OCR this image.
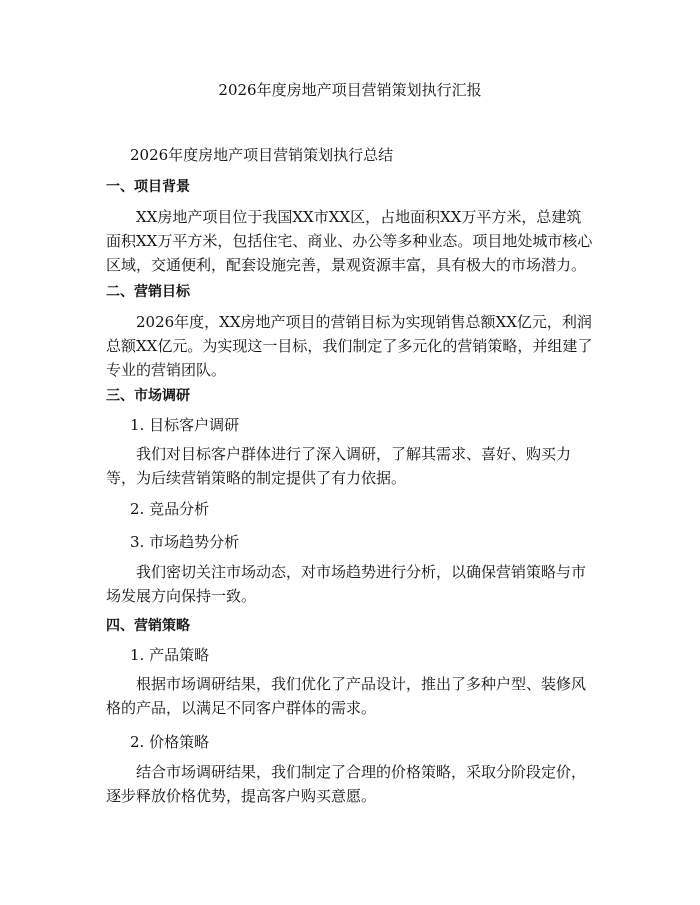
2026年度房地产项目营销策划执行汇报
2026年度房地产项目营销策划执行总结
一、项目背景

XX房地产项目位于我国XX市XX区，占地面积XX万平方米，总建筑面积XX万平方米，包括住宅、商业、办公等多种业态。项目地处城市核心区域，交通便利，配套设施完善，景观资源丰富，具有极大的市场潜力。

二、营销目标

2026年度，XX房地产项目的营销目标为实现销售总额XX亿元，利润总额XX亿元。为实现这一目标，我们制定了多元化的营销策略，并组建了专业的营销团队。

三、市场调研
1. 目标客户调研

我们对目标客户群体进行了深入调研，了解其需求、喜好、购买力等，为后续营销策略的制定提供了有力依据。

2. 竞品分析
3. 市场趋势分析

我们密切关注市场动态，对市场趋势进行分析，以确保营销策略与市场发展方向保持一致。

四、营销策略
1. 产品策略

根据市场调研结果，我们优化了产品设计，推出了多种户型、装修风格的产品，以满足不同客户群体的需求。

2. 价格策略

结合市场调研结果，我们制定了合理的价格策略，采取分阶段定价，逐步释放价格优势，提高客户购买意愿。
